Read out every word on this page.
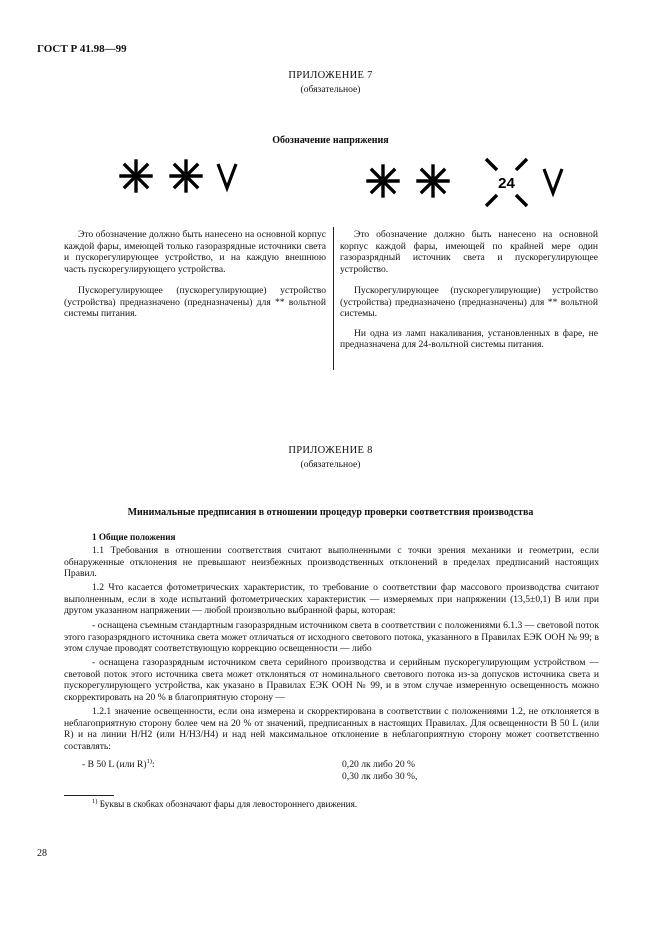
ГОСТ Р 41.98—99
ПРИЛОЖЕНИЕ 7
(обязательное)
Обозначение напряжения
24

Это обозначение должно быть нанесено на основной корпус каждой фары, имеющей только газоразрядные источники света и пускорегулирующее устройство, и на каждую внешнюю часть пускорегулирующего устройства.

Пускорегулирующее (пускорегулирующие) устройство (устройства) предназначено (предназначены) для ** вольтной системы питания.

Это обозначение должно быть нанесено на основной корпус каждой фары, имеющей по крайней мере один газоразрядный источник света и пускорегулирующее устройство.

Пускорегулирующее (пускорегулирующие) устройство (устройства) предназначено (предназначены) для ** вольтной системы.

Ни одна из ламп накаливания, установленных в фаре, не предназначена для 24-вольтной системы питания.

ПРИЛОЖЕНИЕ 8
(обязательное)
Минимальные предписания в отношении процедур проверки соответствия производства
1 Общие положения
1.1 Требования в отношении соответствия считают выполненными с точки зрения механики и геометрии, если обнаруженные отклонения не превышают неизбежных производственных отклонений в пределах предписаний настоящих Правил.
1.2 Что касается фотометрических характеристик, то требование о соответствии фар массового производства считают выполненным, если в ходе испытаний фотометрических характеристик — измеряемых при напряжении (13,5±0,1) В или при другом указанном напряжении — любой произвольно выбранной фары, которая:
- оснащена съемным стандартным газоразрядным источником света в соответствии с положениями 6.1.3 — световой поток этого газоразрядного источника света может отличаться от исходного светового потока, указанного в Правилах ЕЭК ООН № 99; в этом случае проводят соответствующую коррекцию освещенности — либо
- оснащена газоразрядным источником света серийного производства и серийным пускорегулирующим устройством — световой поток этого источника света может отклоняться от номинального светового потока из-за допусков источника света и пускорегулирующего устройства, как указано в Правилах ЕЭК ООН № 99, и в этом случае измеренную освещенность можно скорректировать на 20 % в благоприятную сторону —
1.2.1 значение освещенности, если она измерена и скорректирована в соответствии с положениями 1.2, не отклоняется в неблагоприятную сторону более чем на 20 % от значений, предписанных в настоящих Правилах. Для освещенности B 50 L (или R) и на линии H/H2 (или H/H3/H4) и над ней максимальное отклонение в неблагоприятную сторону может соответственно составлять:
- B 50 L (или R)$^{1)}$:	0,20 лк либо 20 %
0,30 лк либо 30 %,
$^{1)}$ Буквы в скобках обозначают фары для левостороннего движения.
28
